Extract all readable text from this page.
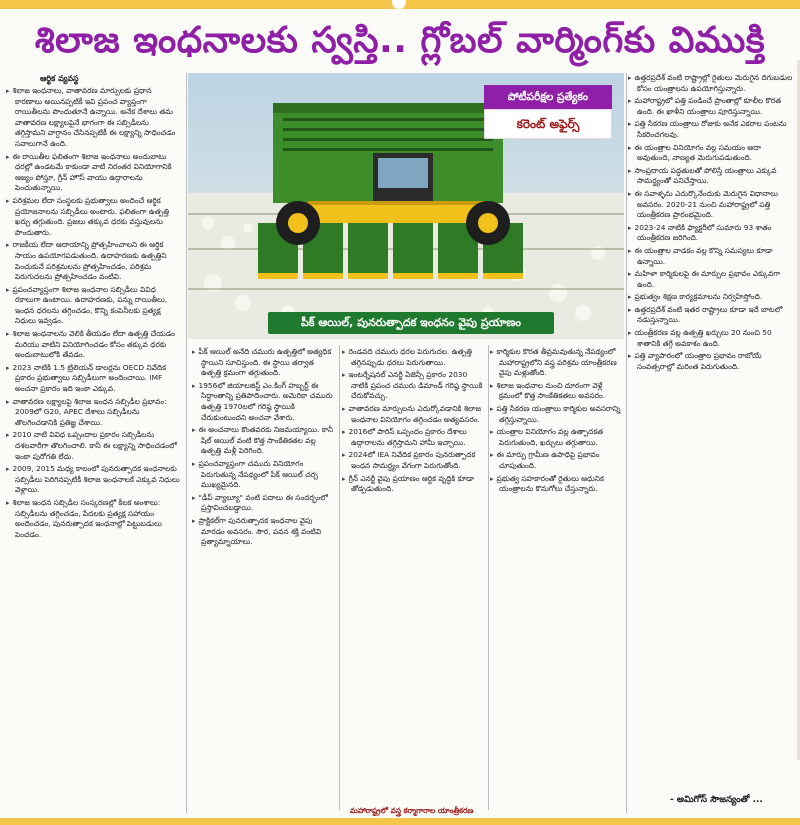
శిలాజ ఇంధనాలకు స్వస్తి.. గ్లోబల్ వార్మింగ్‌కు విముక్తి
ఆర్థిక వ్యవస్థ

▸ శిలాజ ఇంధనాలు, వాతావరణ మార్పులకు ప్రధాన కారణాలు అయినప్పటికీ ఇవి ప్రపంచ వ్యాప్తంగా రాయితీలను పొందుతూనే ఉన్నాయి. అనేక దేశాలు తమ వాతావరణ లక్ష్యాలపైనే భాగంగా ఈ సబ్సిడీలను తగ్గిస్తామని వాగ్దానం చేసినప్పటికీ ఈ లక్ష్యాన్ని సాధించడం సవాలుగానే ఉంది.

▸ ఈ రాయితీల ఫలితంగా శిలాజ ఇంధనాలు అందుబాటు ధరల్లో ఉండటమే కాకుండా వాటి నిరంతర వినియోగానికి ఆజ్యం పోస్తూ, గ్రీన్ హౌస్ వాయు ఉద్గారాలను పెంచుతున్నాయి.

▸ పరిశ్రమల లేదా సంస్థలకు ప్రభుత్వాలు అందించే ఆర్థిక ప్రయోజనాలను సబ్సిడీలు అంటారు. ఫలితంగా ఉత్పత్తి ఖర్చు తగ్గుతుంది. ప్రజలు తక్కువ ధరకు వస్తువులను పొందుతారు.

▸ రాజకీయ లేదా ఆదాయాన్ని ప్రోత్సహించాలని ఈ ఆర్థిక సాయం ఉపయోగపడుతుంది. ఉదాహరణకు ఉత్పత్తిని పెంచుకునే పరిశ్రమలను ప్రోత్సహించడం, పరిశ్రమ పెరుగుదలను ప్రోత్సహించడం వంటివి.

▸ ప్రపంచవ్యాప్తంగా శిలాజ ఇంధనాల సబ్సిడీలు వివిధ రకాలుగా ఉంటాయి. ఉదాహరణకు, పన్ను రాయితీలు, ఇంధన ధరలను తగ్గించడం, కొన్ని కంపెనీలకు ప్రత్యక్ష నిధులు ఇవ్వడం.

▸ శిలాజ ఇంధనాలను వెలికి తీయడం లేదా ఉత్పత్తి చేయడం మరియు వాటిని వినియోగించడం కోసం తక్కువ ధరకు అందుబాటులోకి తేవడం.

▸ 2023 నాటికి 1.5 ట్రిలియన్ డాలర్లను OECD నివేదిక ప్రకారం ప్రభుత్వాలు సబ్సిడీలుగా అందించాయి. IMF అంచనా ప్రకారం ఇది ఇంకా ఎక్కువ.

▸ వాతావరణ లక్ష్యాలపై శిలాజ ఇంధన సబ్సిడీల ప్రభావం: 2009లో G20, APEC దేశాలు సబ్సిడీలను తొలగించడానికి ప్రతిజ్ఞ చేశాయి.

▸ 2010 నాటి వివిధ ఒప్పందాల ప్రకారం సబ్సిడీలను దశలవారీగా తొలగించాలి. కానీ ఈ లక్ష్యాన్ని సాధించడంలో ఇంకా పురోగతి లేదు.

▸ 2009, 2015 మధ్య కాలంలో పునరుత్పాదక ఇంధనాలకు సబ్సిడీలు పెరిగినప్పటికీ శిలాజ ఇంధనాలకే ఎక్కువ నిధులు వెళ్లాయి.

▸ శిలాజ ఇంధన సబ్సిడీల సంస్కరణల్లో కీలక అంశాలు: సబ్సిడీలను తగ్గించడం, పేదలకు ప్రత్యక్ష సహాయం అందించడం, పునరుత్పాదక ఇంధనాల్లో పెట్టుబడులు పెంచడం.

పోటీపరీక్షల ప్రత్యేకం
కరెంట్ అఫైర్స్
పీక్ ఆయిల్, పునరుత్పాదక ఇంధనం వైపు ప్రయాణం

▸ పీక్ ఆయిల్ అనేది చమురు ఉత్పత్తిలో అత్యధిక స్థాయిని సూచిస్తుంది. ఈ స్థాయి తర్వాత ఉత్పత్తి క్రమంగా తగ్గుతుంది.

▸ 1956లో జియాలజిస్ట్ ఎం.కింగ్ హబ్బర్ట్ ఈ సిద్ధాంతాన్ని ప్రతిపాదించారు. అమెరికా చమురు ఉత్పత్తి 1970లలో గరిష్ఠ స్థాయికి చేరుకుంటుందని అంచనా వేశారు.

▸ ఈ అంచనాలు కొంతవరకు నిజమయ్యాయి. కానీ షేల్ ఆయిల్ వంటి కొత్త సాంకేతికతల వల్ల ఉత్పత్తి మళ్లీ పెరిగింది.

▸ ప్రపంచవ్యాప్తంగా చమురు వినియోగం పెరుగుతున్న నేపథ్యంలో పీక్ ఆయిల్ చర్చ ముఖ్యమైనది.

▸ "డీప్ వ్యాల్యూ" వంటి పదాలు ఈ సందర్భంలో ప్రస్తావించబడ్డాయి.

▸ ప్రాక్టికల్‌గా పునరుత్పాదక ఇంధనాల వైపు మారడం అవసరం. సౌర, పవన శక్తి వంటివి ప్రత్యామ్నాయాలు.

▸ రెండవది చమురు ధరల పెరుగుదల. ఉత్పత్తి తగ్గినప్పుడు ధరలు పెరుగుతాయి.

▸ ఇంటర్నేషనల్ ఎనర్జీ ఏజెన్సీ ప్రకారం 2030 నాటికి ప్రపంచ చమురు డిమాండ్ గరిష్ఠ స్థాయికి చేరుకోవచ్చు.

▸ వాతావరణ మార్పులను ఎదుర్కోవడానికి శిలాజ ఇంధనాల వినియోగం తగ్గించడం అత్యవసరం.

▸ 2016లో పారిస్ ఒప్పందం ప్రకారం దేశాలు ఉద్గారాలను తగ్గిస్తామని హామీ ఇచ్చాయి.

▸ 2024లో IEA నివేదిక ప్రకారం పునరుత్పాదక ఇంధన సామర్థ్యం వేగంగా పెరుగుతోంది.

▸ గ్రీన్ ఎనర్జీ వైపు ప్రయాణం ఆర్థిక వృద్ధికి కూడా తోడ్పడుతుంది.

▸ కార్మికుల కొరత తీవ్రమవుతున్న నేపథ్యంలో మహారాష్ట్రలోని వస్త్ర పరిశ్రమ యాంత్రీకరణ వైపు మళ్లుతోంది.

▸ శిలాజ ఇంధనాల నుంచి దూరంగా వెళ్లే క్రమంలో కొత్త సాంకేతికతలు అవసరం.

▸ పత్తి సేకరణ యంత్రాలు కార్మికుల అవసరాన్ని తగ్గిస్తున్నాయి.

▸ యంత్రాల వినియోగం వల్ల ఉత్పాదకత పెరుగుతుంది, ఖర్చులు తగ్గుతాయి.

▸ ఈ మార్పు గ్రామీణ ఉపాధిపై ప్రభావం చూపుతుంది.

▸ ప్రభుత్వ సహకారంతో రైతులు ఆధునిక యంత్రాలను కొనుగోలు చేస్తున్నారు.

▸ ఉత్తరప్రదేశ్ వంటి రాష్ట్రాల్లో రైతులు మెరుగైన దిగుబడుల కోసం యంత్రాలను ఉపయోగిస్తున్నారు.

▸ మహారాష్ట్రలో పత్తి పండించే ప్రాంతాల్లో కూలీల కొరత ఉంది. ఈ ఖాళీని యంత్రాలు పూరిస్తున్నాయి.

▸ పత్తి సేకరణ యంత్రాలు రోజుకు అనేక ఎకరాల పంటను సేకరించగలవు.

▸ ఈ యంత్రాల వినియోగం వల్ల సమయం ఆదా అవుతుంది, నాణ్యత మెరుగుపడుతుంది.

▸ సాంప్రదాయ పద్ధతులతో పోలిస్తే యంత్రాలు ఎక్కువ సామర్థ్యంతో పనిచేస్తాయి.

▸ ఈ సవాళ్ళను ఎదుర్కొనేందుకు మెరుగైన విధానాలు అవసరం. 2020-21 నుంచి మహారాష్ట్రలో పత్తి యంత్రీకరణ ప్రారంభమైంది.

▸ 2023-24 నాటికి ఫ్యాక్టరీలో సుమారు 93 శాతం యంత్రీకరణ జరిగింది.

▸ ఈ యంత్రాల వాడకం వల్ల కొన్ని సమస్యలు కూడా ఉన్నాయి.

▸ మహిళా కార్మికులపై ఈ మార్పుల ప్రభావం ఎక్కువగా ఉంది.

▸ ప్రభుత్వం శిక్షణ కార్యక్రమాలను నిర్వహిస్తోంది.

▸ ఉత్తరప్రదేశ్ వంటి ఇతర రాష్ట్రాలు కూడా ఇదే బాటలో నడుస్తున్నాయి.

▸ యంత్రీకరణ వల్ల ఉత్పత్తి ఖర్చులు 20 నుంచి 50 శాతానికి తగ్గే అవకాశం ఉంది.

▸ పత్తి వ్యాపారంలో యంత్రాల ప్రభావం రాబోయే సంవత్సరాల్లో మరింత పెరుగుతుంది.

మహారాష్ట్రలో వస్త్ర కర్మాగారాల యాంత్రీకరణ
- అమిగోస్ సౌజన్యంతో ...
